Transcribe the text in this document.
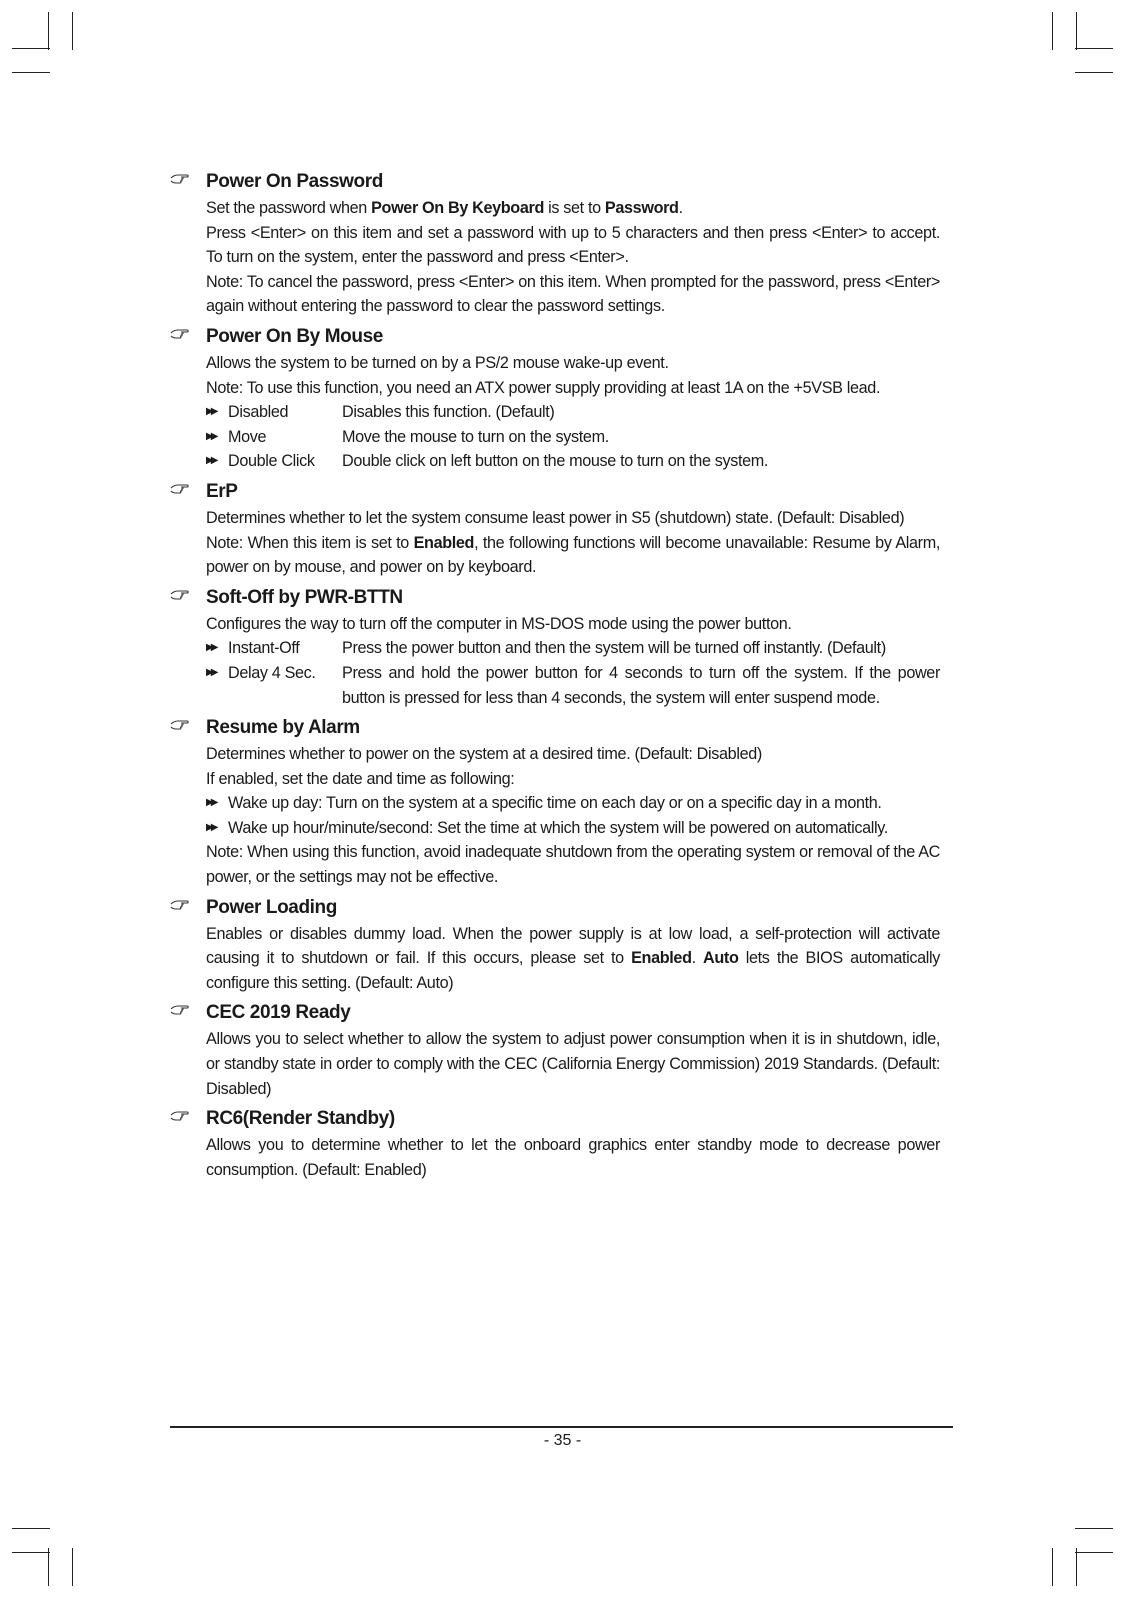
Power On Password
Set the password when Power On By Keyboard is set to Password.
Press <Enter> on this item and set a password with up to 5 characters and then press <Enter> to accept. To turn on the system, enter the password and press <Enter>.
Note: To cancel the password, press <Enter> on this item. When prompted for the password, press <Enter> again without entering the password to clear the password settings.
Power On By Mouse
Allows the system to be turned on by a PS/2 mouse wake-up event.
Note: To use this function, you need an ATX power supply providing at least 1A on the +5VSB lead.
▶▶ Disabled	Disables this function. (Default)
▶▶ Move	Move the mouse to turn on the system.
▶▶ Double Click	Double click on left button on the mouse to turn on the system.
ErP
Determines whether to let the system consume least power in S5 (shutdown) state. (Default: Disabled)
Note: When this item is set to Enabled, the following functions will become unavailable: Resume by Alarm, power on by mouse, and power on by keyboard.
Soft-Off by PWR-BTTN
Configures the way to turn off the computer in MS-DOS mode using the power button.
▶▶ Instant-Off	Press the power button and then the system will be turned off instantly. (Default)
▶▶ Delay 4 Sec.	Press and hold the power button for 4 seconds to turn off the system. If the power button is pressed for less than 4 seconds, the system will enter suspend mode.
Resume by Alarm
Determines whether to power on the system at a desired time. (Default: Disabled)
If enabled, set the date and time as following:
▶▶ Wake up day: Turn on the system at a specific time on each day or on a specific day in a month.
▶▶ Wake up hour/minute/second: Set the time at which the system will be powered on automatically.
Note: When using this function, avoid inadequate shutdown from the operating system or removal of the AC power, or the settings may not be effective.
Power Loading
Enables or disables dummy load. When the power supply is at low load, a self-protection will activate causing it to shutdown or fail. If this occurs, please set to Enabled. Auto lets the BIOS automatically configure this setting. (Default: Auto)
CEC 2019 Ready
Allows you to select whether to allow the system to adjust power consumption when it is in shutdown, idle, or standby state in order to comply with the CEC (California Energy Commission) 2019 Standards. (Default: Disabled)
RC6(Render Standby)
Allows you to determine whether to let the onboard graphics enter standby mode to decrease power consumption. (Default: Enabled)
- 35 -
